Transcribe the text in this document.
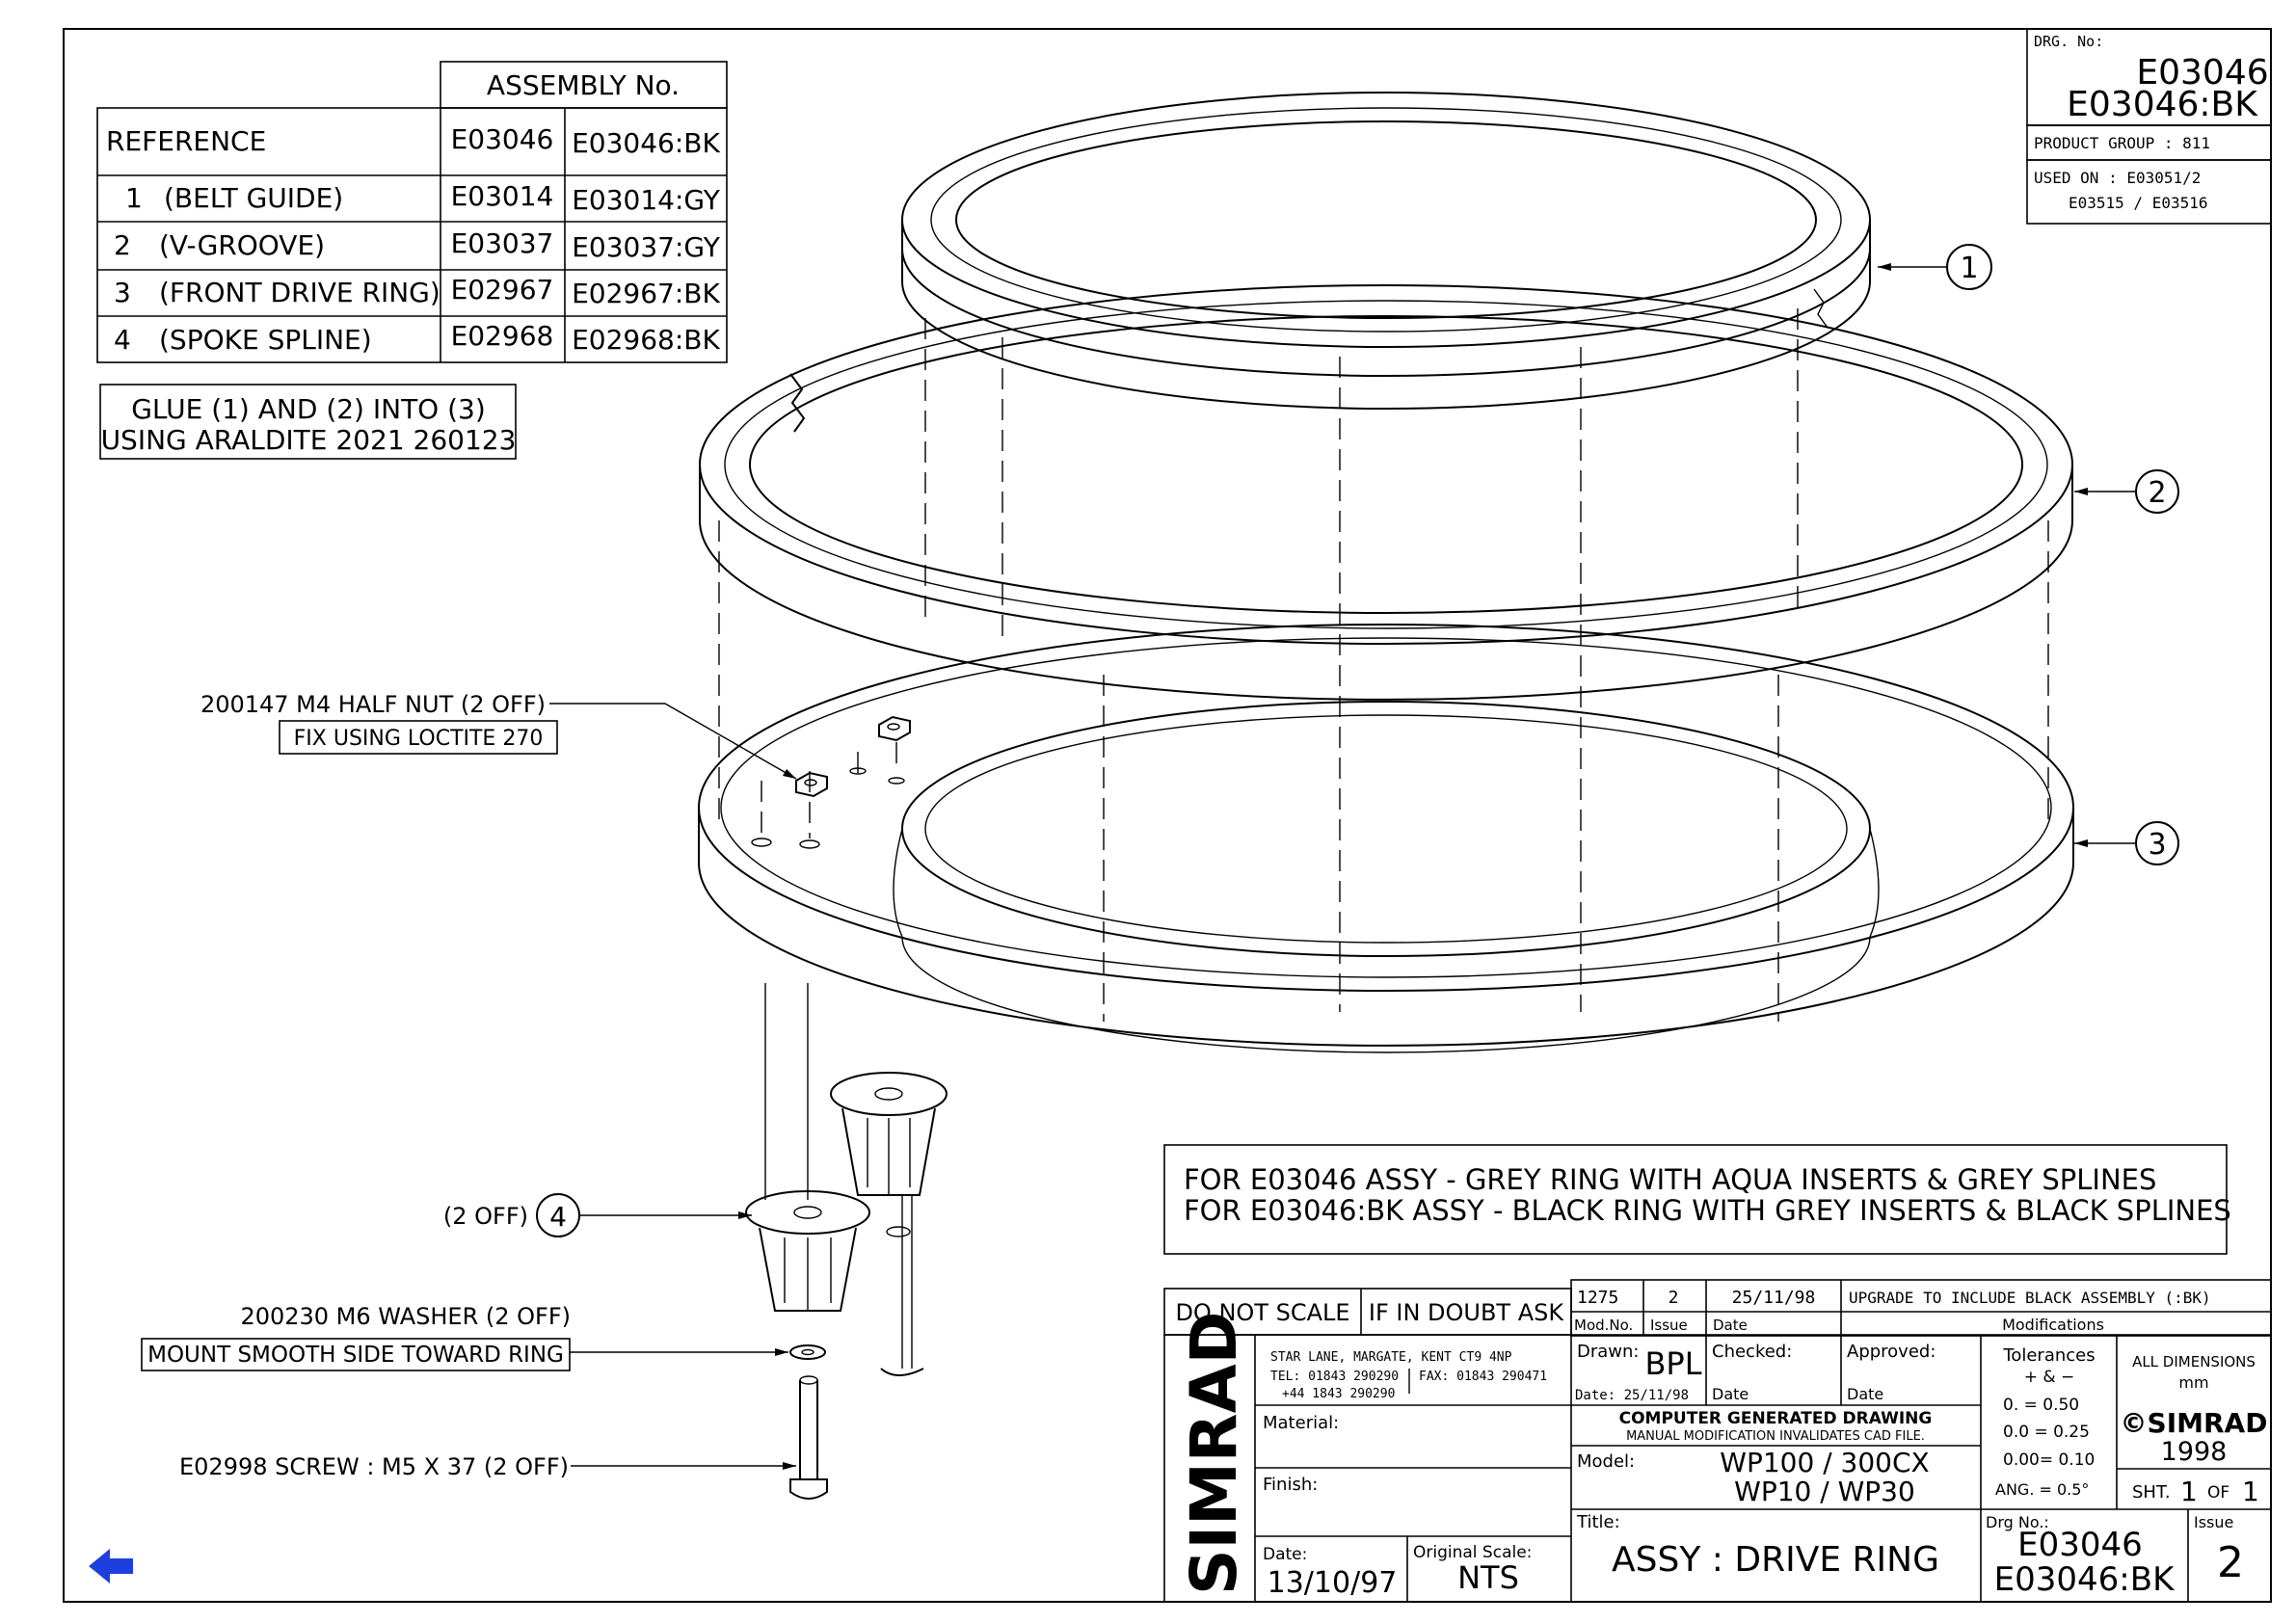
DRG. No:
E03046
E03046:BK
PRODUCT GROUP : 811
USED ON : E03051/2
E03515 / E03516
ASSEMBLY No.
REFERENCE	E03046 E03046:BK
1 (BELT GUIDE)	E03014 E03014:GY
2 (V-GROOVE)	E03037 E03037:GY
3 (FRONT DRIVE RING) E02967 E02967:BK
4 (SPOKE SPLINE)	E02968 E02968:BK
GLUE (1) AND (2) INTO (3)
USING ARALDITE 2021 260123
1
2
3
200147 M4 HALF NUT (2 OFF)
FIX USING LOCTITE 270
(2 OFF) 4
200230 M6 WASHER (2 OFF)
MOUNT SMOOTH SIDE TOWARD RING
E02998 SCREW : M5 X 37 (2 OFF)
FOR E03046 ASSY - GREY RING WITH AQUA INSERTS & GREY SPLINES
FOR E03046:BK ASSY - BLACK RING WITH GREY INSERTS & BLACK SPLINES
1275	2	25/11/98 UPGRADE TO INCLUDE BLACK ASSEMBLY (:BK)
Mod.No. Issue Date	Modifications
DO NOT SCALE IF IN DOUBT ASK
SIMRAD STAR LANE, MARGATE, KENT CT9 4NP
TEL: 01843 290290 FAX: 01843 290471
+44 1843 290290
Material:
Finish:
Date:
13/10/97
Original Scale:
NTS
Drawn: BPL
Date: 25/11/98
Checked:
Date
Approved:
Date
COMPUTER GENERATED DRAWING
MANUAL MODIFICATION INVALIDATES CAD FILE.
Model:	WP100 / 300CX
WP10 / WP30
Title:
ASSY : DRIVE RING
Tolerances
+ & −
0. = 0.50
0.0 = 0.25
0.00= 0.10
ANG. = 0.5°
ALL DIMENSIONS
mm
©SIMRAD
1998
SHT. 1 OF 1
Drg No.:
E03046
E03046:BK
Issue
2
